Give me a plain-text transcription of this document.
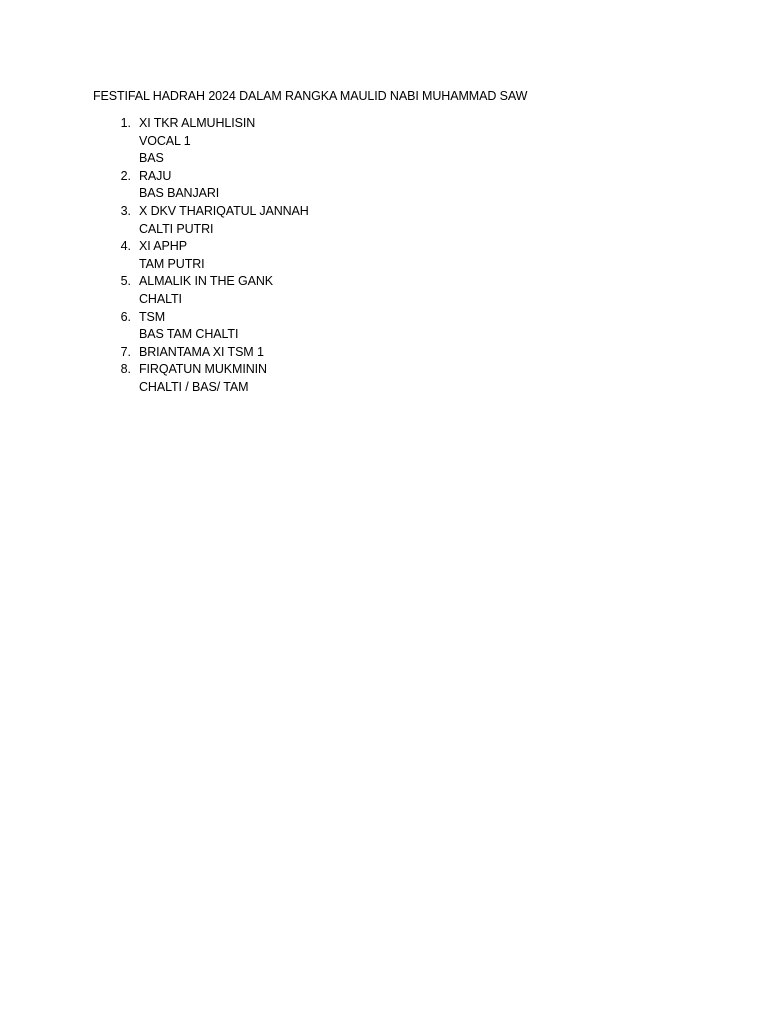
FESTIFAL HADRAH 2024 DALAM RANGKA MAULID NABI MUHAMMAD SAW
1. XI TKR ALMUHLISIN
VOCAL 1
BAS
2. RAJU
BAS BANJARI
3. X DKV THARIQATUL JANNAH
CALTI PUTRI
4. XI APHP
TAM PUTRI
5. ALMALIK IN THE GANK
CHALTI
6. TSM
BAS TAM CHALTI
7. BRIANTAMA XI TSM 1
8. FIRQATUN MUKMININ
CHALTI / BAS/ TAM
